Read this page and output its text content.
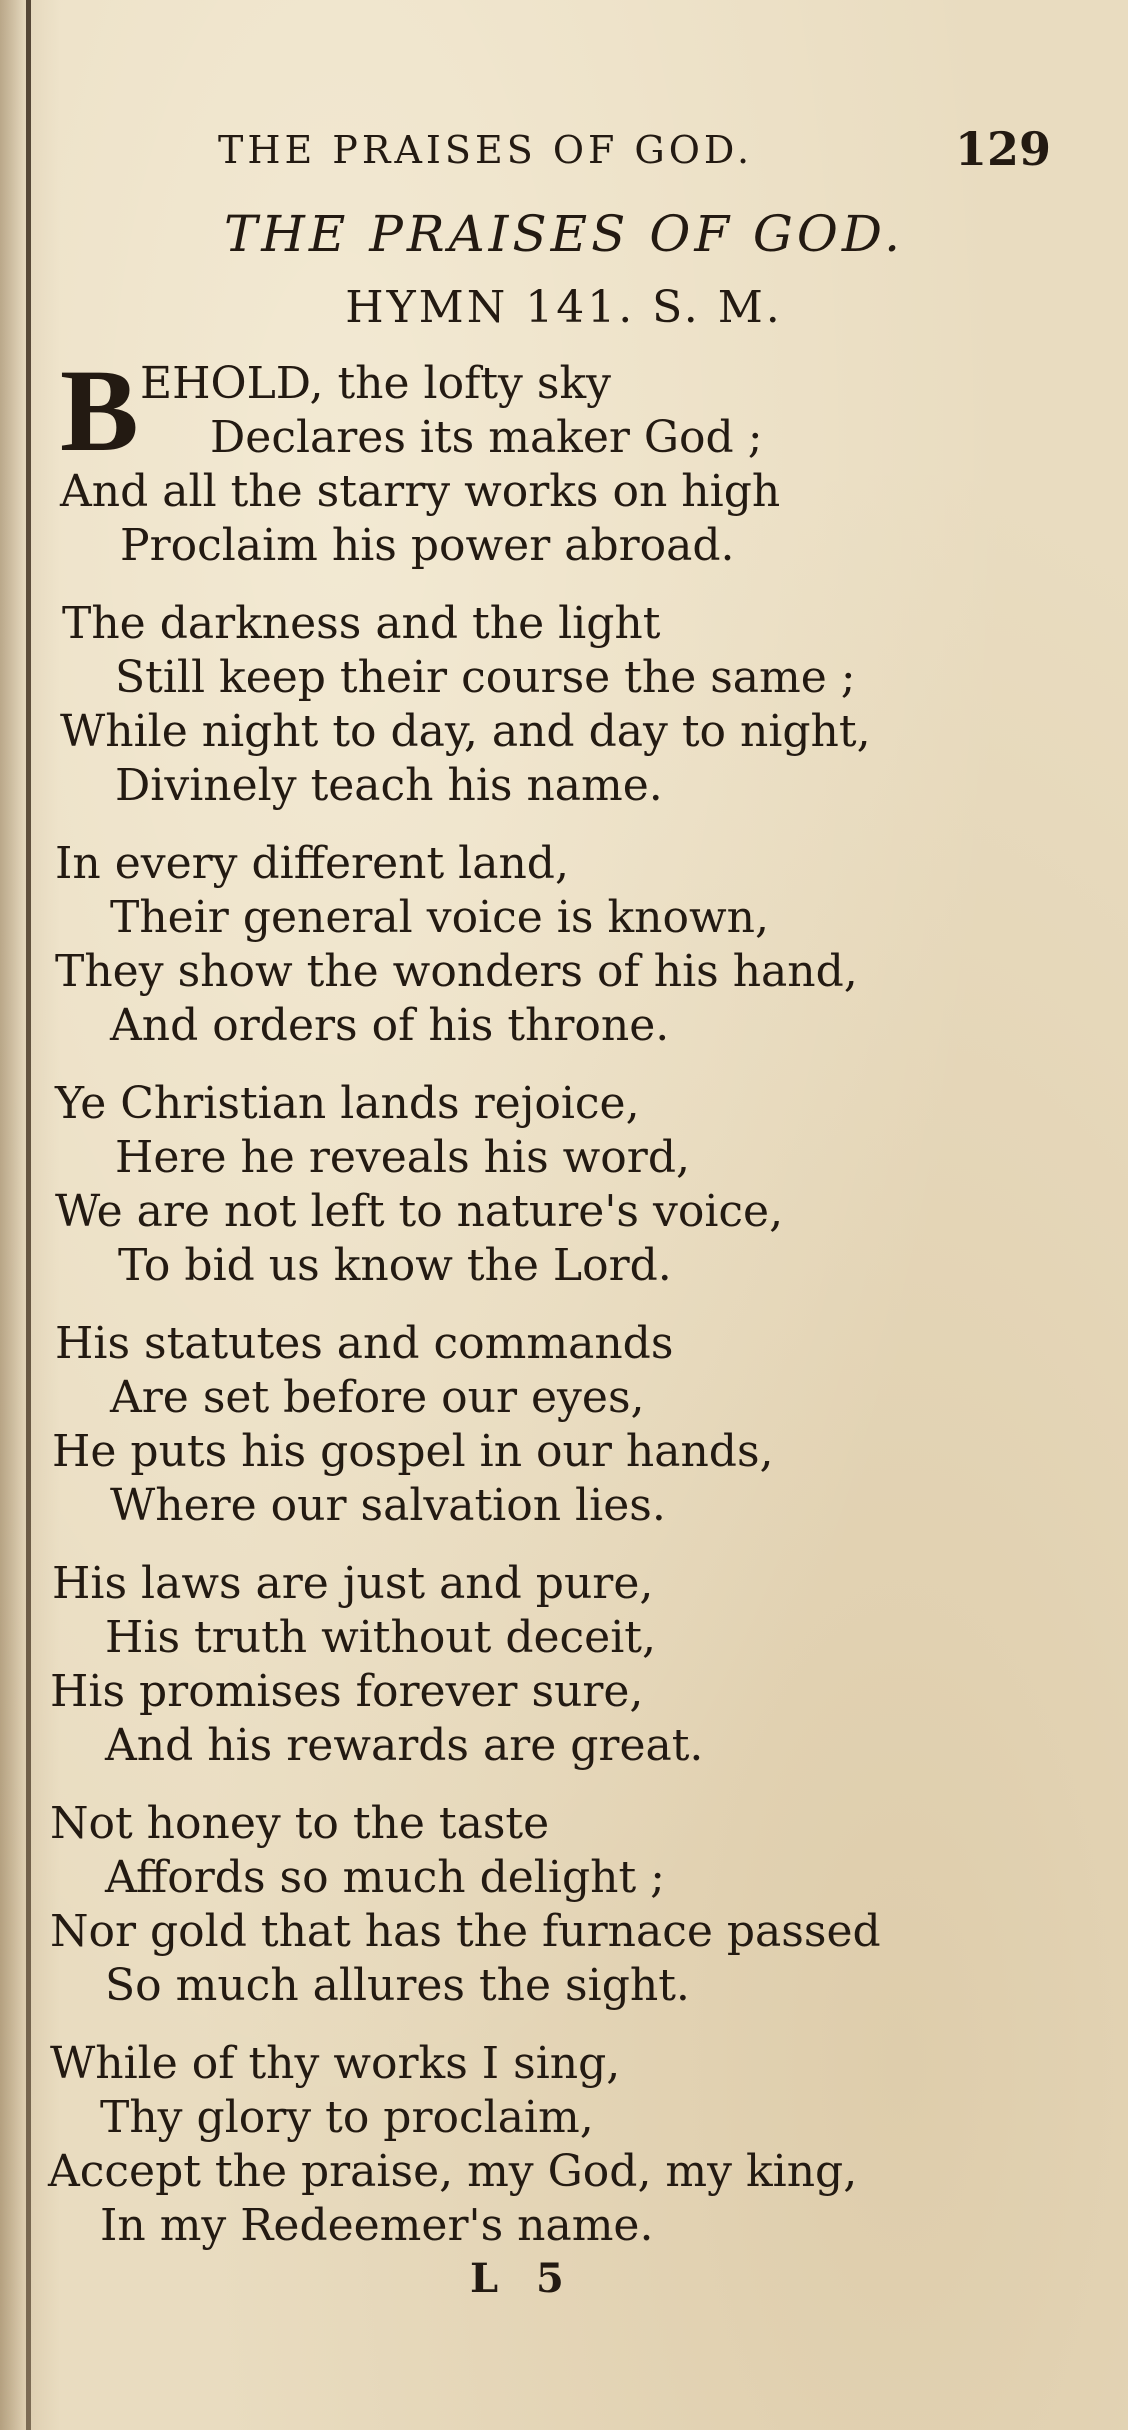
THE PRAISES OF GOD.	129
THE PRAISES OF GOD.
HYMN 141. S. M.
B EHOLD, the lofty sky
Declares its maker God ;
And all the starry works on high
Proclaim his power abroad.
The darkness and the light
Still keep their course the same ;
While night to day, and day to night,
Divinely teach his name.
In every different land,
Their general voice is known,
They show the wonders of his hand,
And orders of his throne.
Ye Christian lands rejoice,
Here he reveals his word,
We are not left to nature's voice,
To bid us know the Lord.
His statutes and commands
Are set before our eyes,
He puts his gospel in our hands,
Where our salvation lies.
His laws are just and pure,
His truth without deceit,
His promises forever sure,
And his rewards are great.
Not honey to the taste
Affords so much delight ;
Nor gold that has the furnace passed
So much allures the sight.
While of thy works I sing,
Thy glory to proclaim,
Accept the praise, my God, my king,
In my Redeemer's name.
L 5
